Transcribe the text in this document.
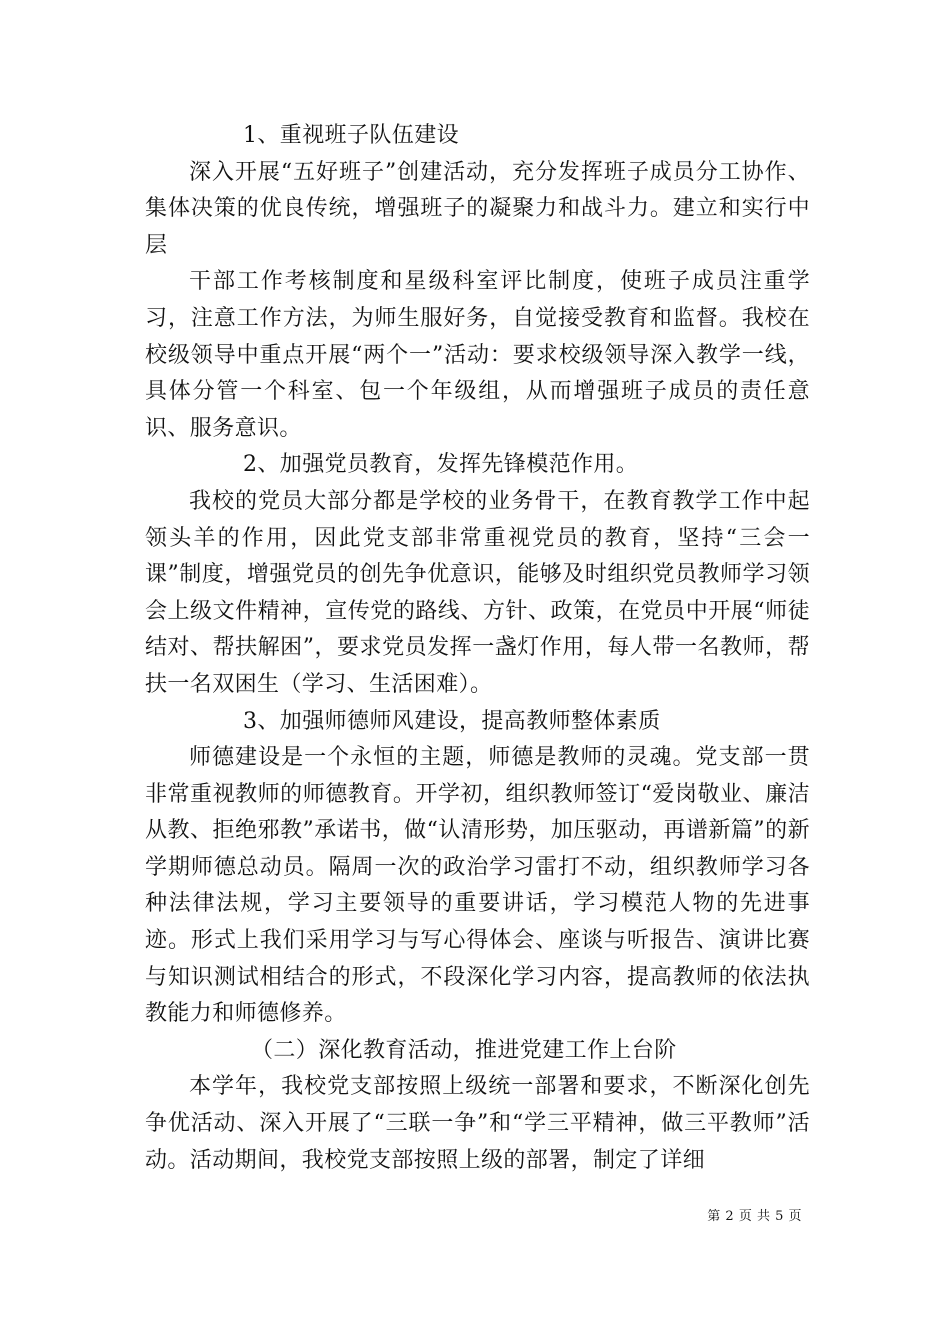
1、重视班子队伍建设

深入开展“五好班子”创建活动，充分发挥班子成员分工协作、集体决策的优良传统，增强班子的凝聚力和战斗力。建立和实行中层

干部工作考核制度和星级科室评比制度，使班子成员注重学习，注意工作方法，为师生服好务，自觉接受教育和监督。我校在校级领导中重点开展“两个一”活动：要求校级领导深入教学一线，具体分管一个科室、包一个年级组，从而增强班子成员的责任意识、服务意识。

2、加强党员教育，发挥先锋模范作用。

我校的党员大部分都是学校的业务骨干，在教育教学工作中起领头羊的作用，因此党支部非常重视党员的教育，坚持“三会一课”制度，增强党员的创先争优意识，能够及时组织党员教师学习领会上级文件精神，宣传党的路线、方针、政策，在党员中开展“师徒结对、帮扶解困”，要求党员发挥一盏灯作用，每人带一名教师，帮扶一名双困生（学习、生活困难）。

3、加强师德师风建设，提高教师整体素质

师德建设是一个永恒的主题，师德是教师的灵魂。党支部一贯非常重视教师的师德教育。开学初，组织教师签订“爱岗敬业、廉洁从教、拒绝邪教”承诺书，做“认清形势，加压驱动，再谱新篇”的新学期师德总动员。隔周一次的政治学习雷打不动，组织教师学习各种法律法规，学习主要领导的重要讲话，学习模范人物的先进事迹。形式上我们采用学习与写心得体会、座谈与听报告、演讲比赛与知识测试相结合的形式，不段深化学习内容，提高教师的依法执教能力和师德修养。

（二）深化教育活动，推进党建工作上台阶

本学年，我校党支部按照上级统一部署和要求，不断深化创先争优活动、深入开展了“三联一争”和“学三平精神，做三平教师”活动。活动期间，我校党支部按照上级的部署，制定了详细

第 2 页 共 5 页
